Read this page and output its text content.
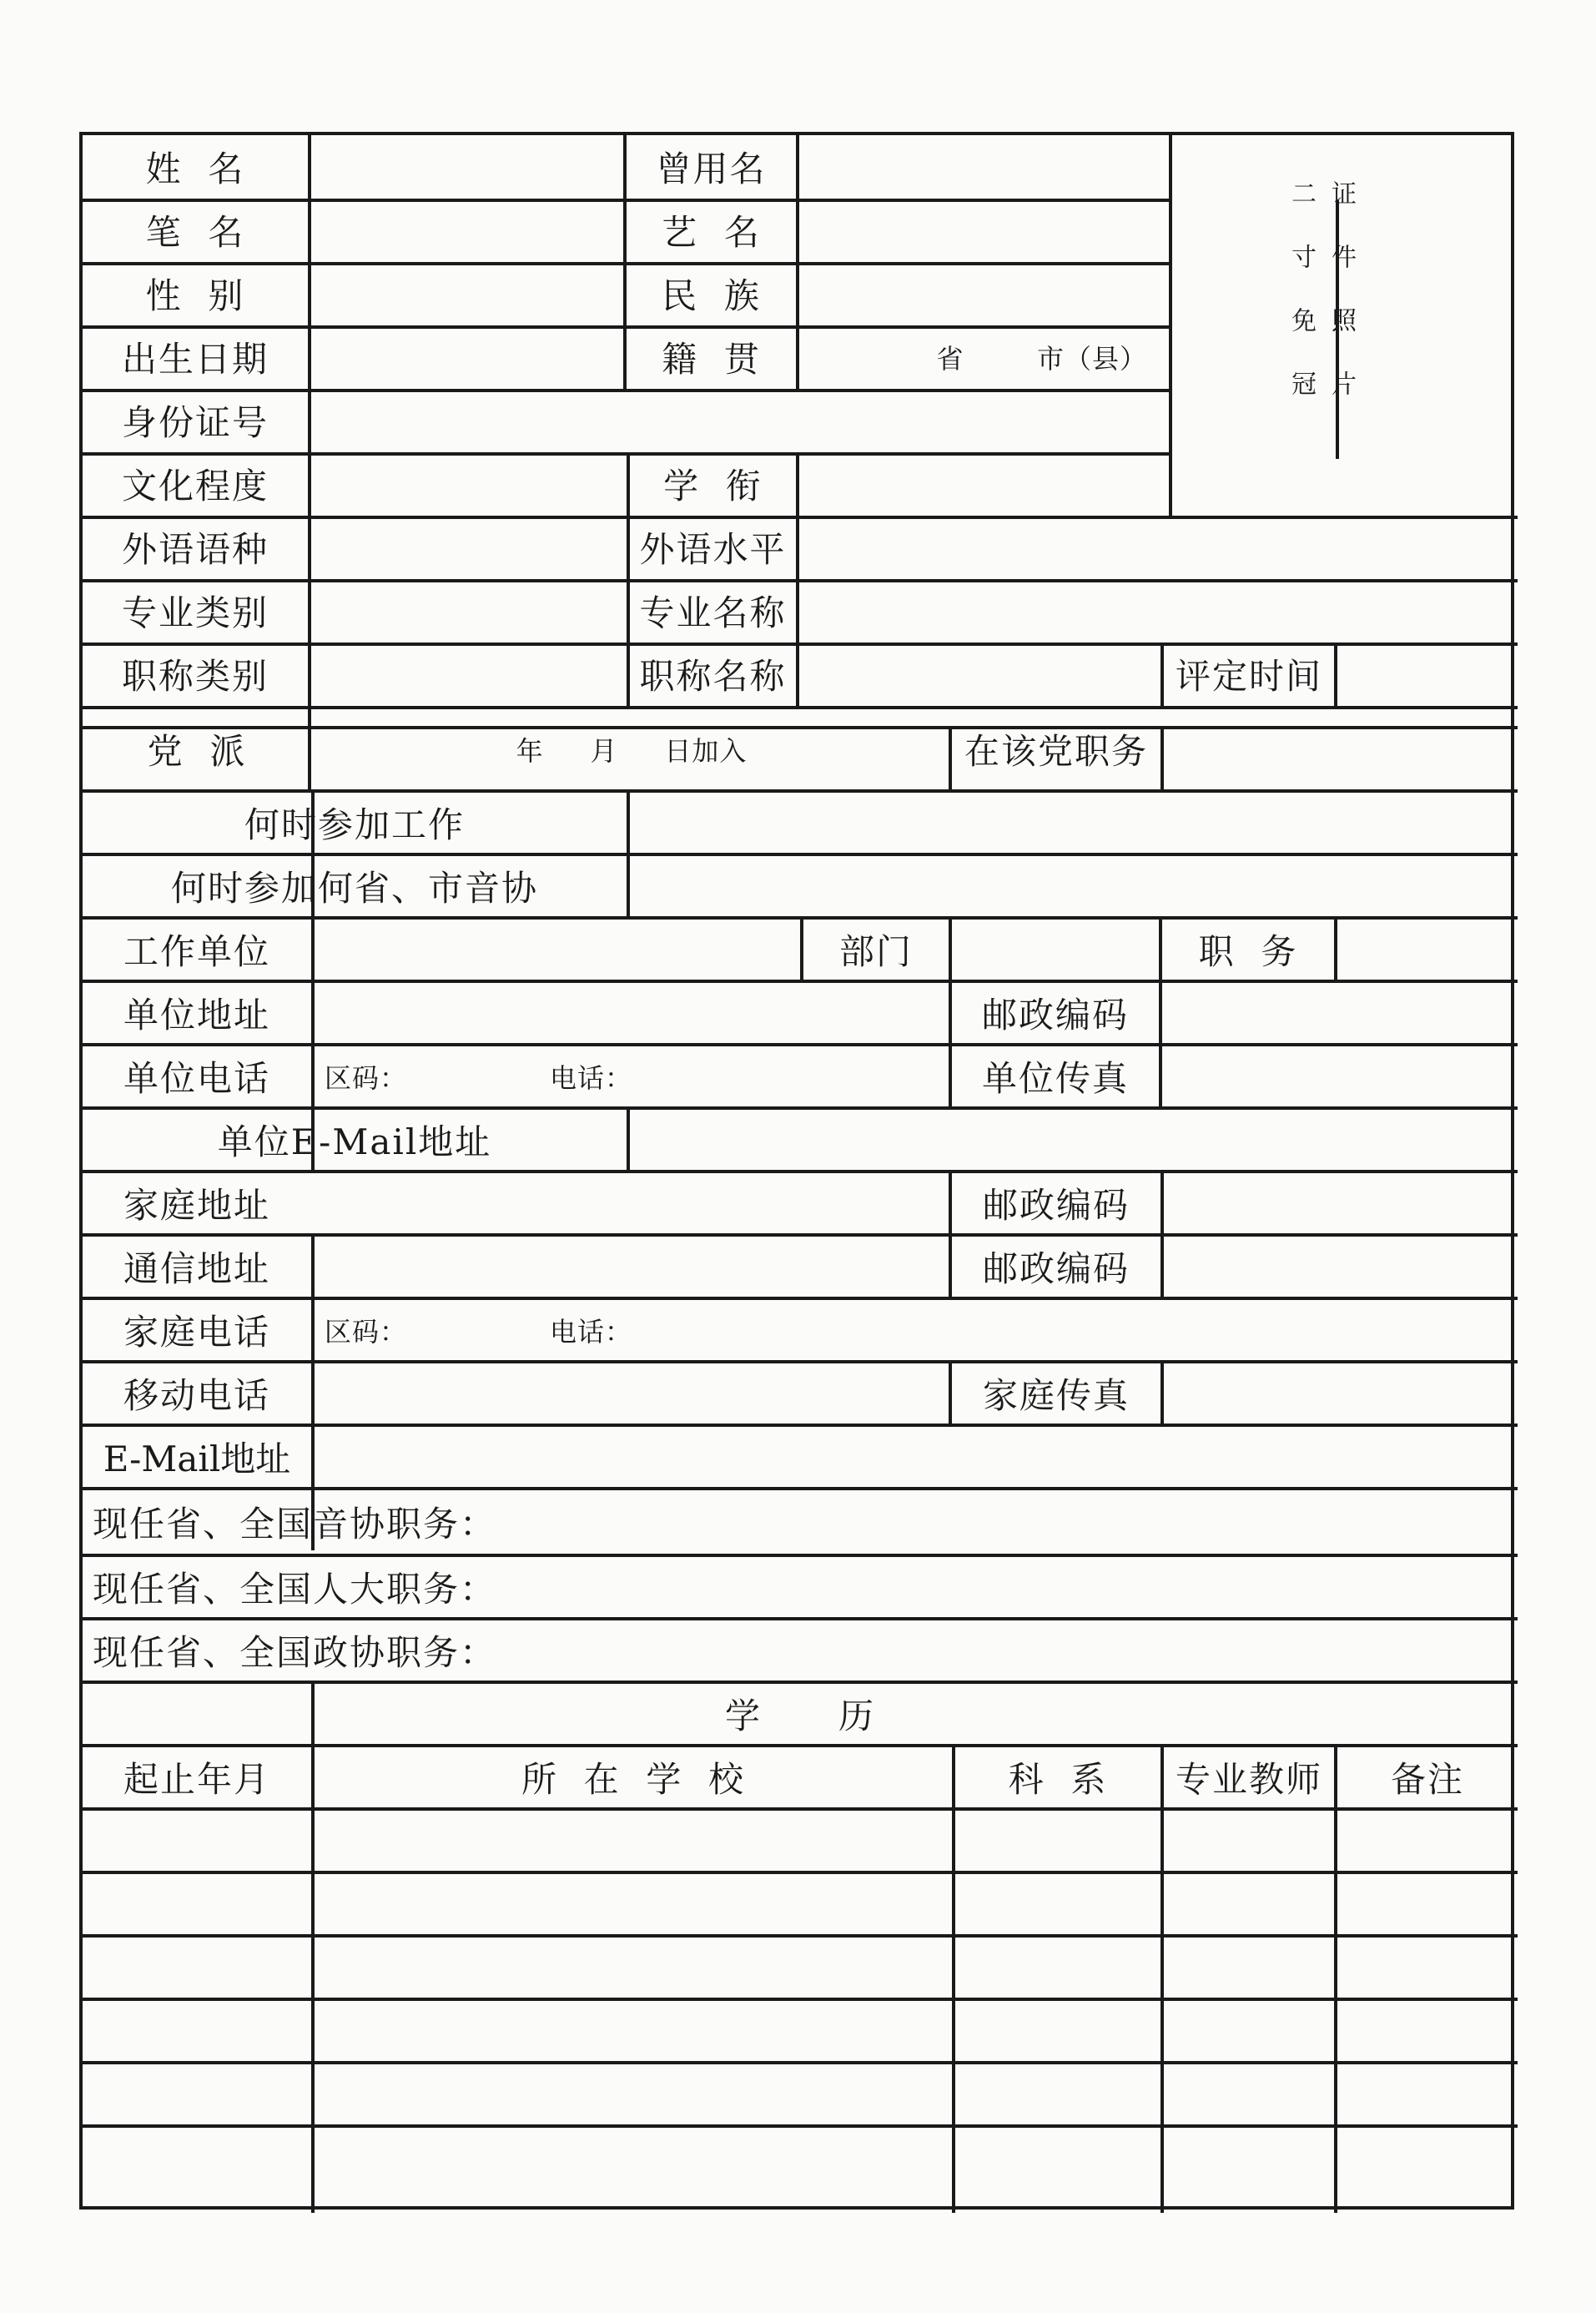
姓  名	曾用名
笔  名	艺  名
性  别	民  族
出生日期	籍  贯	省	市（县）
身份证号
文化程度	学  衔
外语语种	外语水平
专业类别	专业名称
职称类别	职称名称	评定时间
党  派	年     月     日加入	在该党职务
何时参加工作
何时参加何省、市音协
工作单位	部门	职  务
单位地址	邮政编码
单位电话	区码：	电话：	单位传真
单位E-Mail地址
家庭地址	邮政编码
通信地址	邮政编码
家庭电话	区码：	电话：
移动电话	家庭传真
E-Mail地址
现任省、全国音协职务：
现任省、全国人大职务：
现任省、全国政协职务：
学      历
起止年月	所  在  学  校	科  系	专业教师	备注
二寸免冠 证件照片
